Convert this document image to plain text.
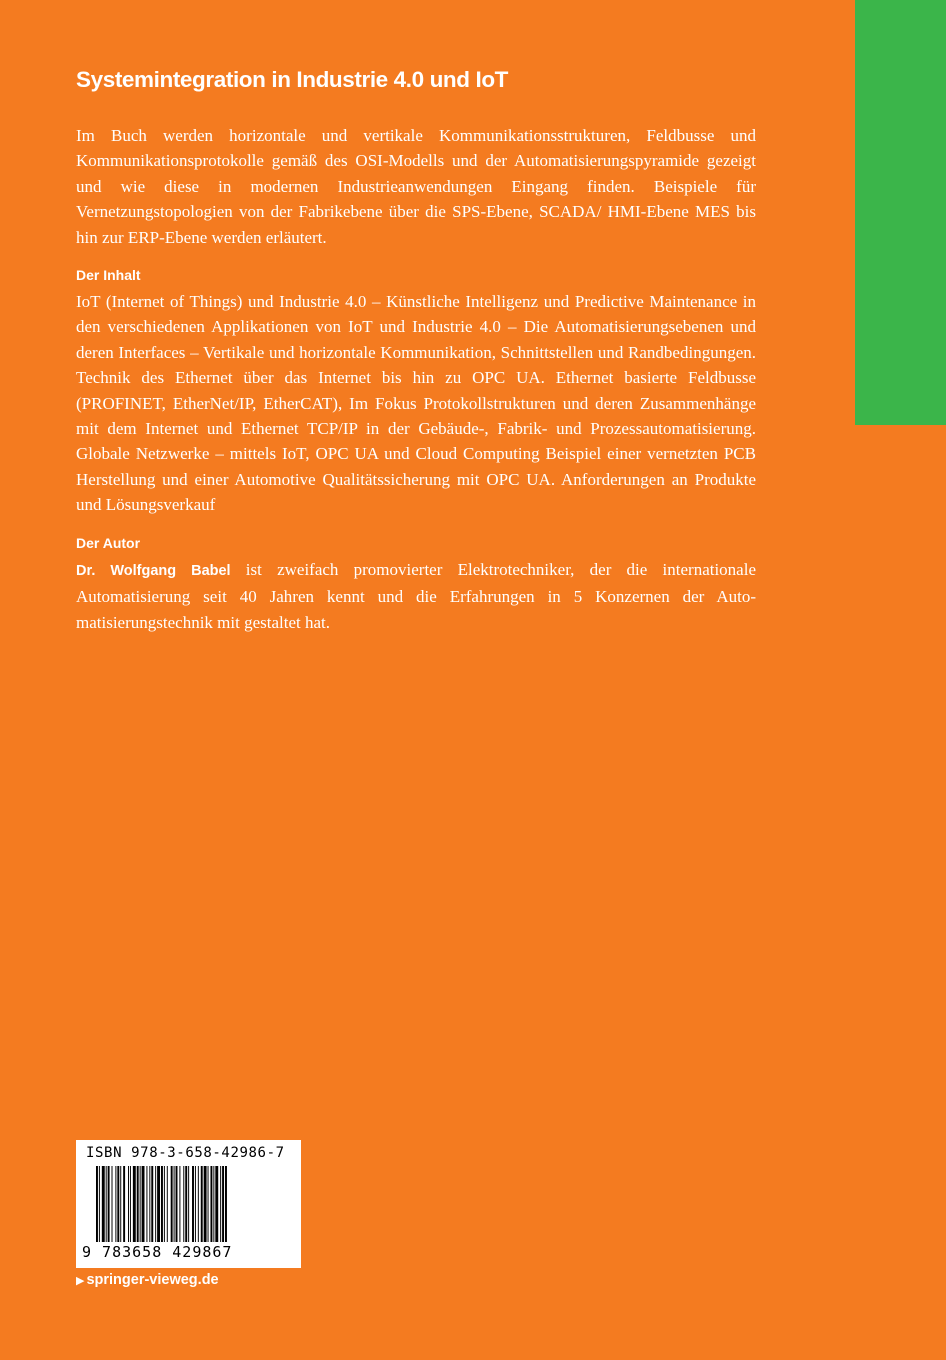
Systemintegration in Industrie 4.0 und IoT

Im Buch werden horizontale und vertikale Kommunikationsstrukturen, Feldbusse und Kommunikationsprotokolle gemäß des OSI-Modells und der Automatisierungspyramide gezeigt und wie diese in modernen Industrieanwendungen Eingang finden. Beispiele für Vernetzungstopologien von der Fabrikebene über die SPS-Ebene, SCADA/ HMI-Ebene MES bis hin zur ERP-Ebene werden erläutert.

Der Inhalt

IoT (Internet of Things) und Industrie 4.0 – Künstliche Intelligenz und Predictive Maintenance in den verschiedenen Applikationen von IoT und Industrie 4.0 – Die Automatisierungsebenen und deren Interfaces – Vertikale und horizontale Kommunikation, Schnittstellen und Randbedingungen. Technik des Ethernet über das Internet bis hin zu OPC UA. Ethernet basierte Feldbusse (PROFINET, EtherNet/IP, EtherCAT), Im Fokus Protokollstrukturen und deren Zusammenhänge mit dem Internet und Ethernet TCP/IP in der Gebäude-, Fabrik- und Prozessautomatisierung. Globale Netzwerke – mittels IoT, OPC UA und Cloud Computing Beispiel einer vernetzten PCB Herstellung und einer Automotive Qualitätssicherung mit OPC UA. Anforderungen an Produkte und Lösungsverkauf

Der Autor

Dr. Wolfgang Babel ist zweifach promovierter Elektrotechniker, der die internationale Automatisierung seit 40 Jahren kennt und die Erfahrungen in 5 Konzernen der Automatisierungstechnik mit gestaltet hat.

ISBN 978-3-658-42986-7
9 783658 429867
▶ springer-vieweg.de
